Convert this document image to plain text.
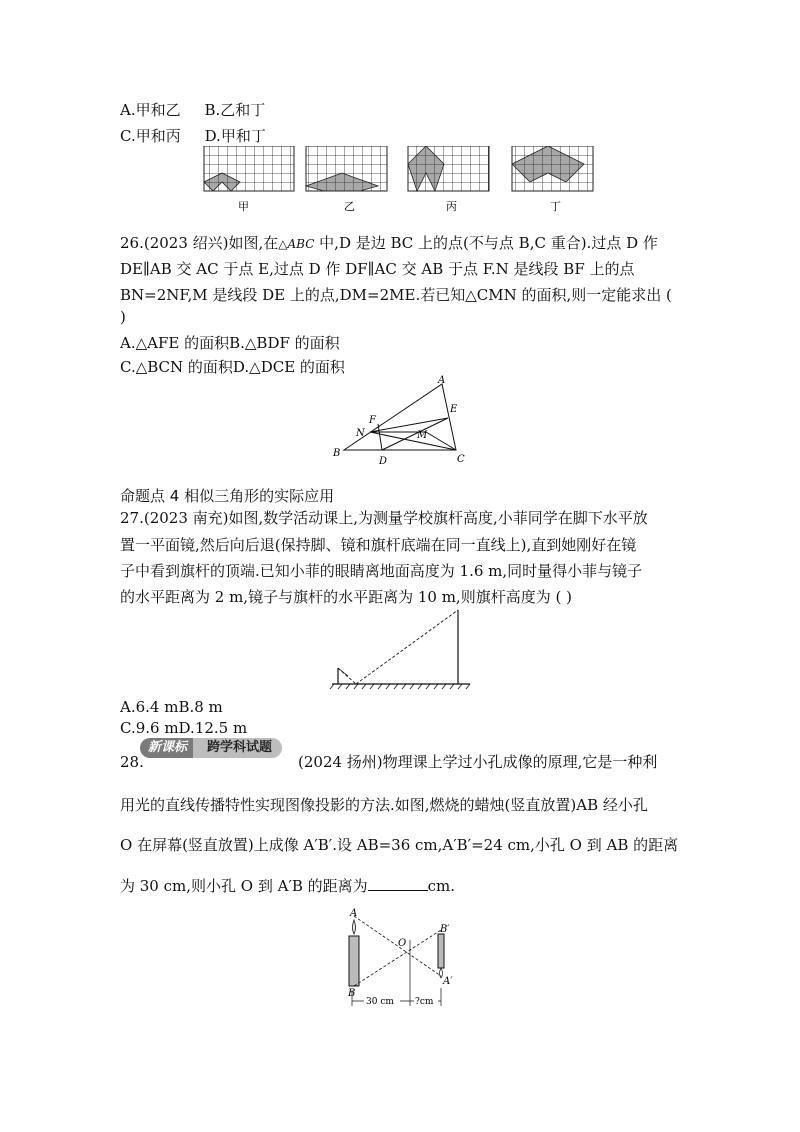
A.甲和乙 B.乙和丁
C.甲和丙 D.甲和丁
甲	乙	丙	丁
26.(2023 绍兴)如图,在△ABC 中,D 是边 BC 上的点(不与点 B,C 重合).过点 D 作
DE∥AB 交 AC 于点 E,过点 D 作 DF∥AC 交 AB 于点 F.N 是线段 BF 上的点
BN=2NF,M 是线段 DE 上的点,DM=2ME.若已知△CMN 的面积,则一定能求出 (
)
A.△AFE 的面积B.△BDF 的面积
C.△BCN 的面积D.△DCE 的面积
A
B
C
D
E
F
M
N
命题点 4 相似三角形的实际应用
27.(2023 南充)如图,数学活动课上,为测量学校旗杆高度,小菲同学在脚下水平放
置一平面镜,然后向后退(保持脚、镜和旗杆底端在同一直线上),直到她刚好在镜
子中看到旗杆的顶端.已知小菲的眼睛离地面高度为 1.6 m,同时量得小菲与镜子
的水平距离为 2 m,镜子与旗杆的水平距离为 10 m,则旗杆高度为 ( )
A.6.4 mB.8 m
C.9.6 mD.12.5 m
新课标	跨学科试题
28.	(2024 扬州)物理课上学过小孔成像的原理,它是一种利
用光的直线传播特性实现图像投影的方法.如图,燃烧的蜡烛(竖直放置)AB 经小孔
O 在屏幕(竖直放置)上成像 A′B′.设 AB=36 cm,A′B′=24 cm,小孔 O 到 AB 的距离
为 30 cm,则小孔 O 到 A′B 的距离为	cm.
A
B
O
B′
A′
30 cm ?cm
